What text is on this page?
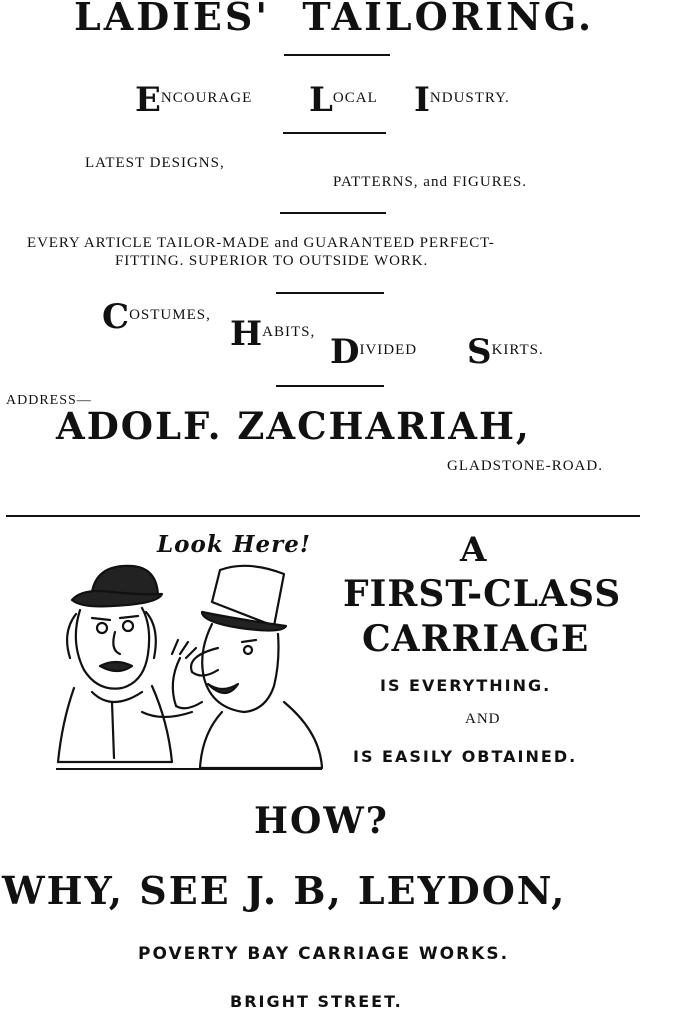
LADIES'  TAILORING.
ENCOURAGE LOCAL INDUSTRY.
LATEST DESIGNS,
PATTERNS, and FIGURES.
EVERY ARTICLE TAILOR-MADE and GUARANTEED PERFECT-
FITTING. SUPERIOR TO OUTSIDE WORK.
COSTUMES, HABITS, DIVIDED SKIRTS.
ADDRESS—
ADOLF. ZACHARIAH,
GLADSTONE-ROAD.
Look Here!	A
FIRST-CLASS
CARRIAGE
IS EVERYTHING.
AND
IS EASILY OBTAINED.
HOW?
WHY, SEE J. B, LEYDON,
POVERTY BAY CARRIAGE WORKS.
BRIGHT STREET.
